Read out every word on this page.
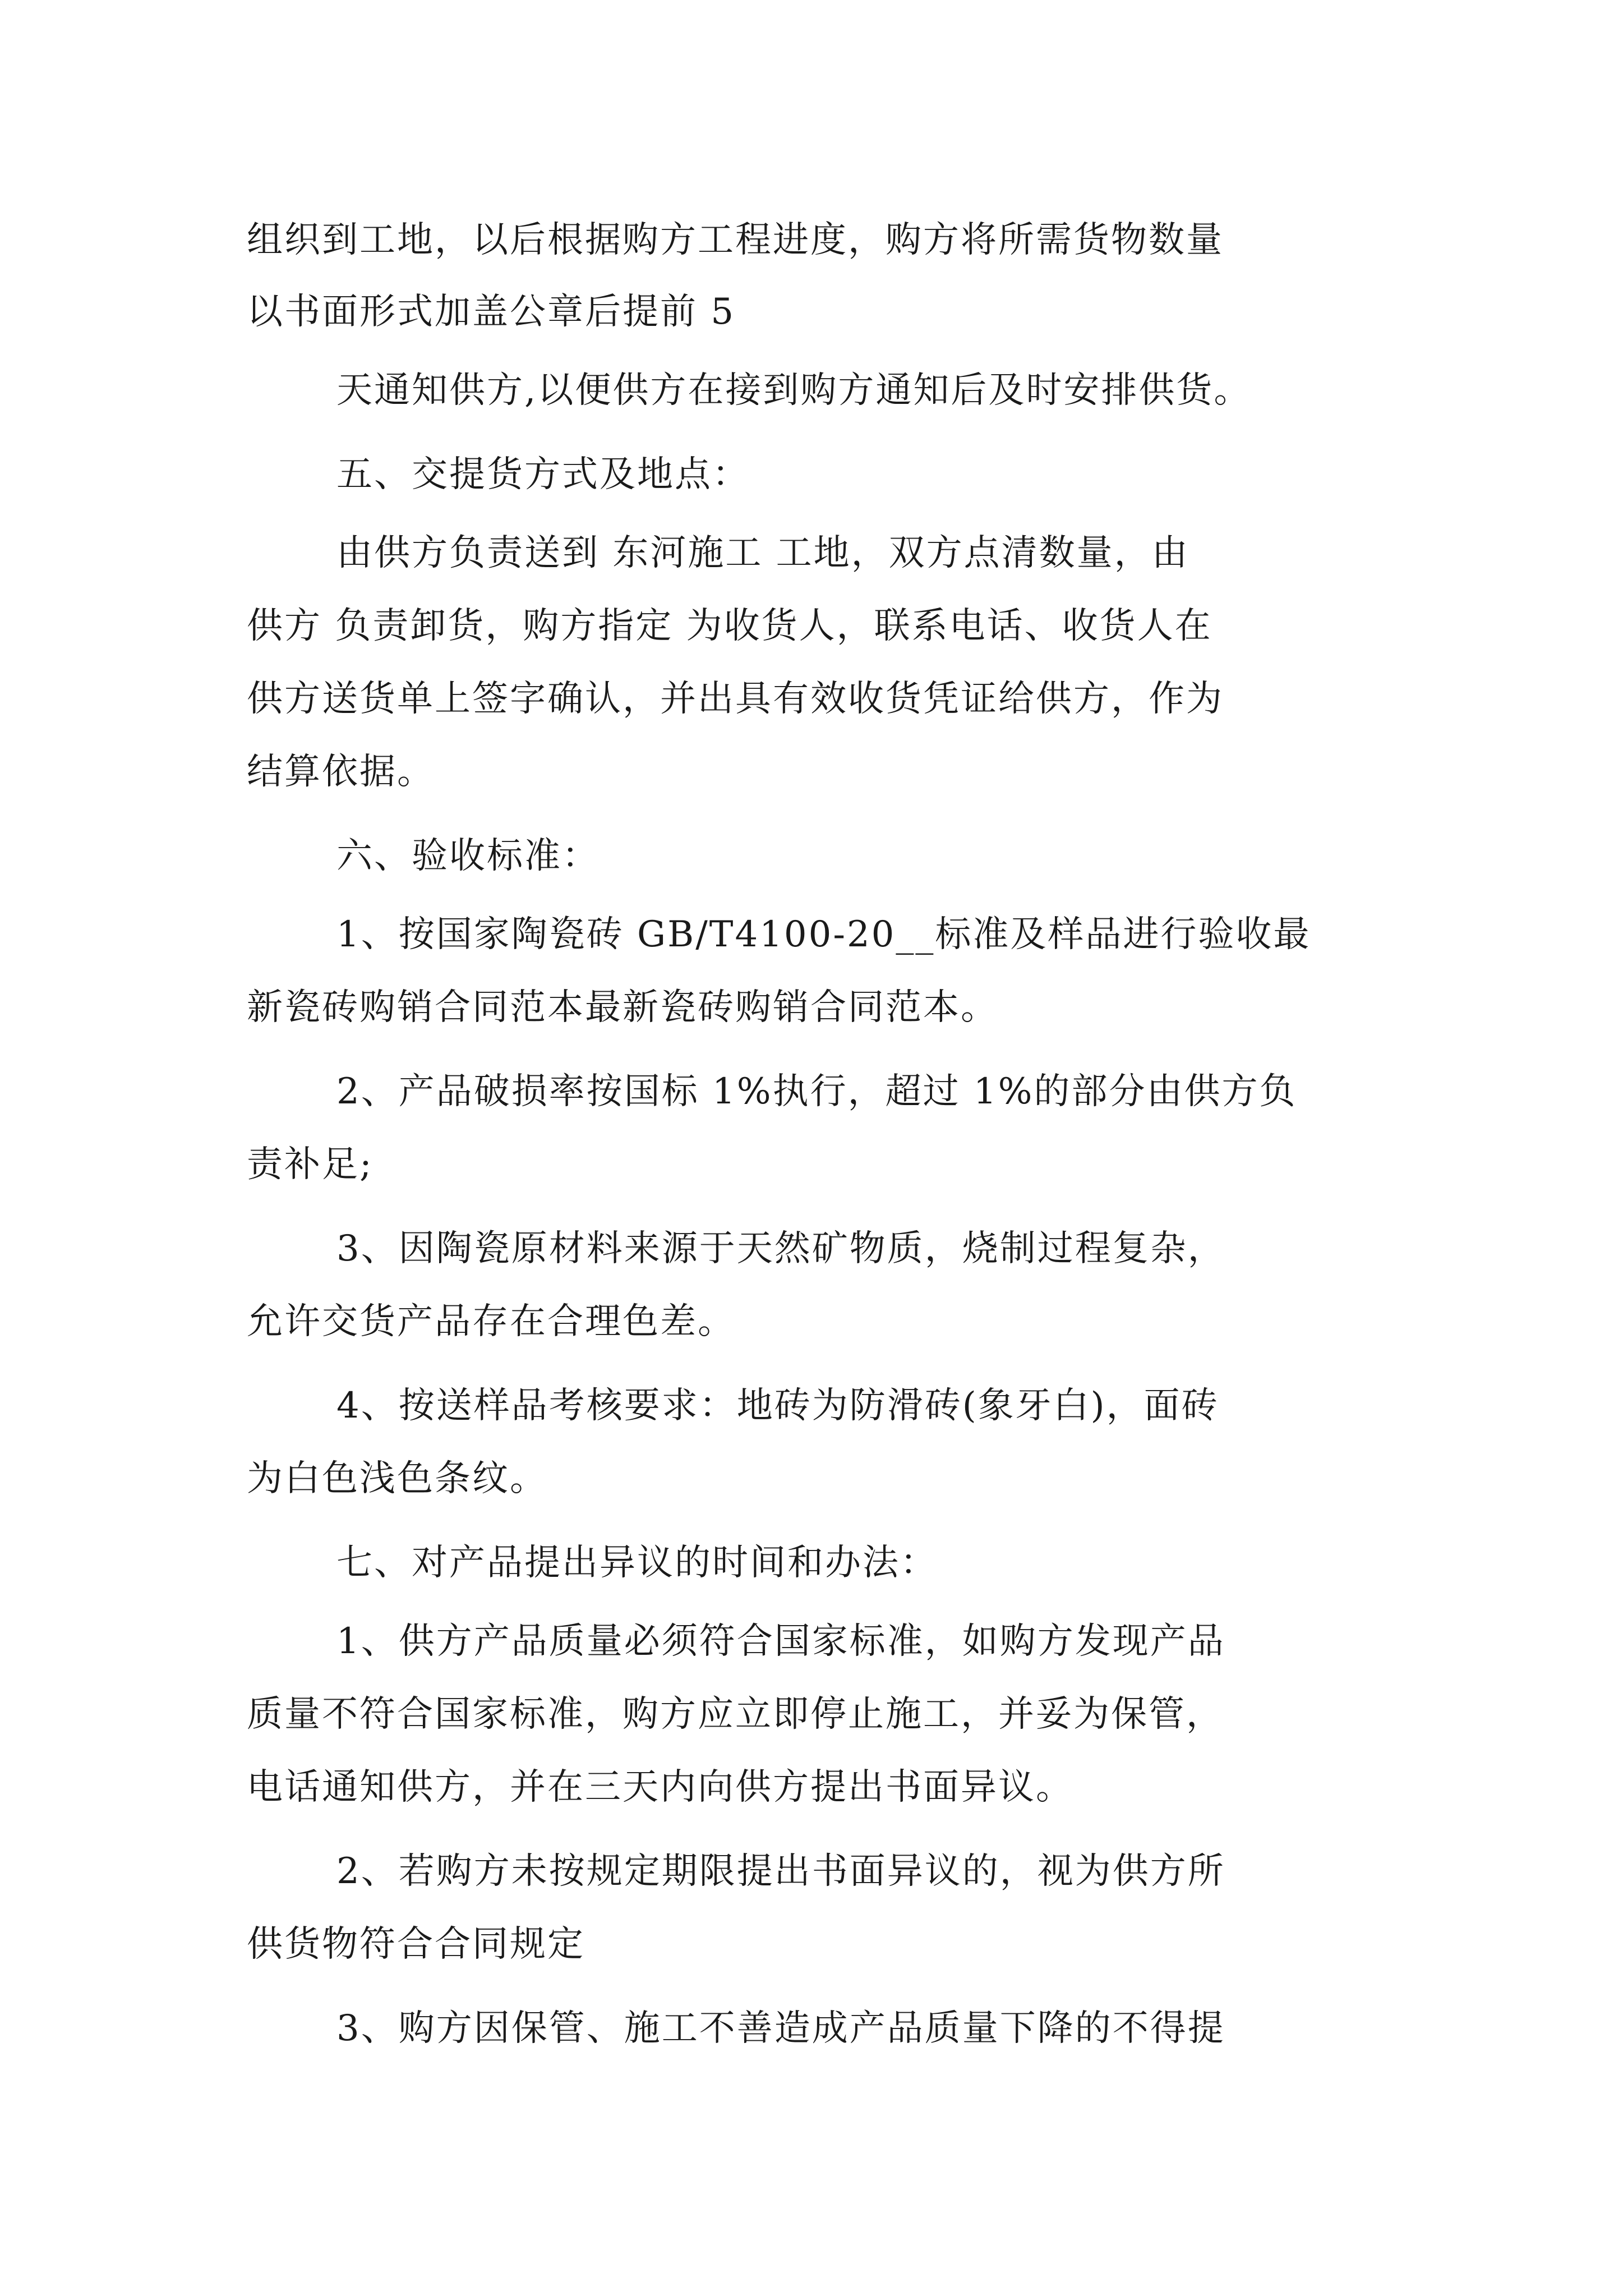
组织到工地，以后根据购方工程进度，购方将所需货物数量
以书面形式加盖公章后提前 5
天通知供方,以便供方在接到购方通知后及时安排供货。
五、交提货方式及地点：
由供方负责送到 东河施工 工地，双方点清数量，由
供方 负责卸货，购方指定 为收货人，联系电话、收货人在
供方送货单上签字确认，并出具有效收货凭证给供方，作为
结算依据。
六、验收标准：
1、按国家陶瓷砖 GB/T4100-20__标准及样品进行验收最
新瓷砖购销合同范本最新瓷砖购销合同范本。
2、产品破损率按国标 1%执行，超过 1%的部分由供方负
责补足;
3、因陶瓷原材料来源于天然矿物质，烧制过程复杂，
允许交货产品存在合理色差。
4、按送样品考核要求：地砖为防滑砖(象牙白)，面砖
为白色浅色条纹。
七、对产品提出异议的时间和办法：
1、供方产品质量必须符合国家标准，如购方发现产品
质量不符合国家标准，购方应立即停止施工，并妥为保管，
电话通知供方，并在三天内向供方提出书面异议。
2、若购方未按规定期限提出书面异议的，视为供方所
供货物符合合同规定
3、购方因保管、施工不善造成产品质量下降的不得提
